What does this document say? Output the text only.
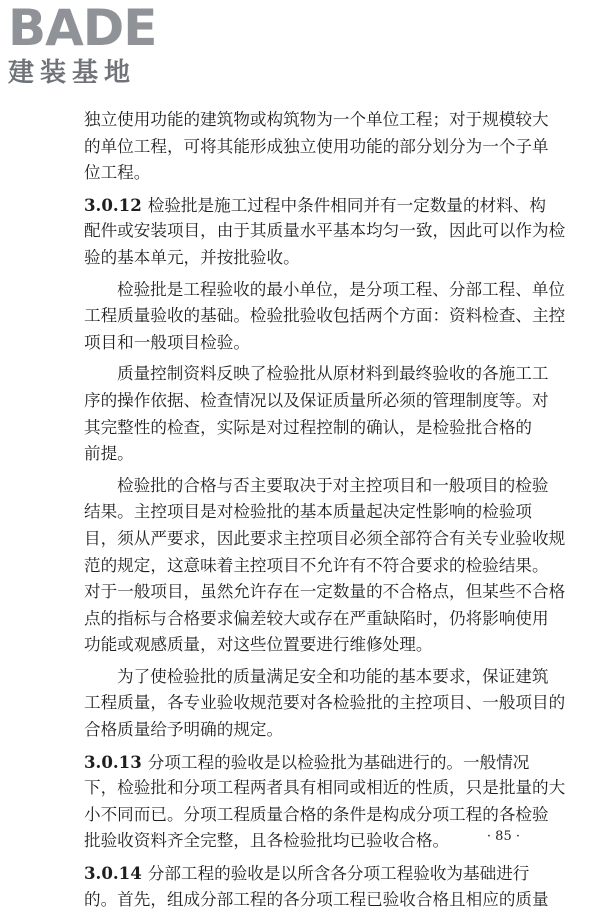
BADE
建装基地
独立使用功能的建筑物或构筑物为一个单位工程；对于规模较大
的单位工程，可将其能形成独立使用功能的部分划分为一个子单
位工程。
3.0.12 检验批是施工过程中条件相同并有一定数量的材料、构
配件或安装项目，由于其质量水平基本均匀一致，因此可以作为检
验的基本单元，并按批验收。
检验批是工程验收的最小单位，是分项工程、分部工程、单位
工程质量验收的基础。检验批验收包括两个方面：资料检查、主控
项目和一般项目检验。
质量控制资料反映了检验批从原材料到最终验收的各施工工
序的操作依据、检查情况以及保证质量所必须的管理制度等。对
其完整性的检查，实际是对过程控制的确认，是检验批合格的
前提。
检验批的合格与否主要取决于对主控项目和一般项目的检验
结果。主控项目是对检验批的基本质量起决定性影响的检验项
目，须从严要求，因此要求主控项目必须全部符合有关专业验收规
范的规定，这意味着主控项目不允许有不符合要求的检验结果。
对于一般项目，虽然允许存在一定数量的不合格点，但某些不合格
点的指标与合格要求偏差较大或存在严重缺陷时，仍将影响使用
功能或观感质量，对这些位置要进行维修处理。
为了使检验批的质量满足安全和功能的基本要求，保证建筑
工程质量，各专业验收规范要对各检验批的主控项目、一般项目的
合格质量给予明确的规定。
3.0.13 分项工程的验收是以检验批为基础进行的。一般情况
下，检验批和分项工程两者具有相同或相近的性质，只是批量的大
小不同而已。分项工程质量合格的条件是构成分项工程的各检验
批验收资料齐全完整，且各检验批均已验收合格。
3.0.14 分部工程的验收是以所含各分项工程验收为基础进行
的。首先，组成分部工程的各分项工程已验收合格且相应的质量
· 85 ·
